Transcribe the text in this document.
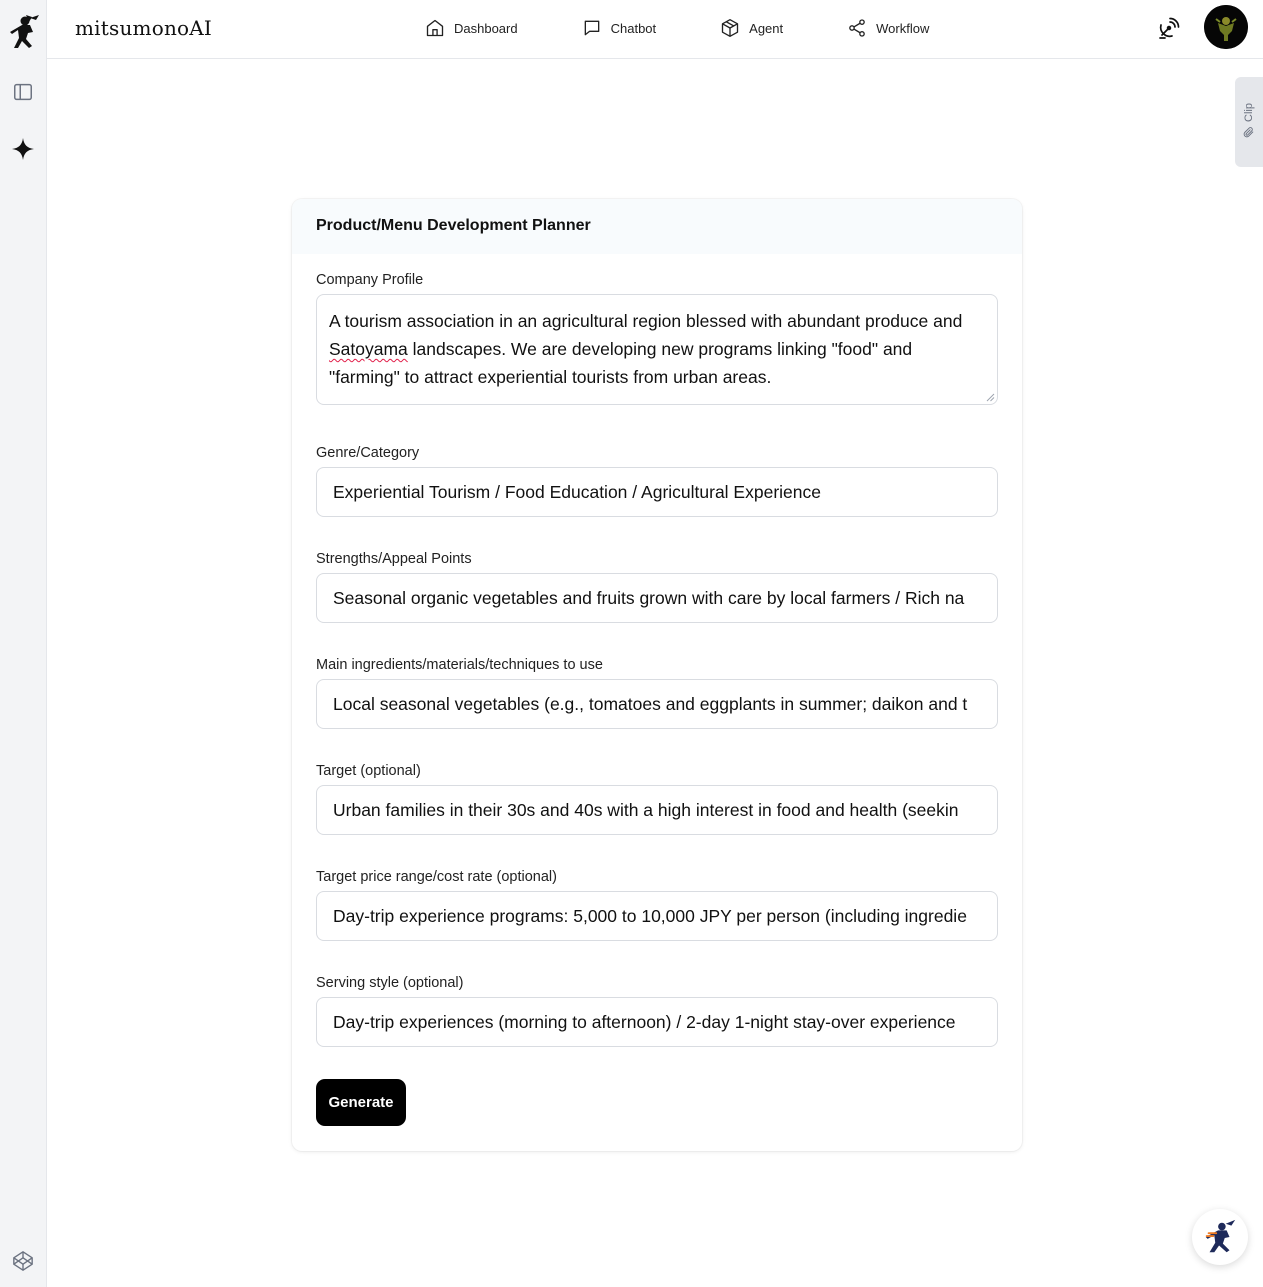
mitsumonoAI	Dashboard	Chatbot	Agent	Workflow
Clip
Product/Menu Development Planner
Company Profile
A tourism association in an agricultural region blessed with abundant produce and
Satoyama landscapes. We are developing new programs linking "food" and
"farming" to attract experiential tourists from urban areas.
Genre/Category
Experiential Tourism / Food Education / Agricultural Experience
Strengths/Appeal Points
Seasonal organic vegetables and fruits grown with care by local farmers / Rich na
Main ingredients/materials/techniques to use
Local seasonal vegetables (e.g., tomatoes and eggplants in summer; daikon and t
Target (optional)
Urban families in their 30s and 40s with a high interest in food and health (seekin
Target price range/cost rate (optional)
Day-trip experience programs: 5,000 to 10,000 JPY per person (including ingredie
Serving style (optional)
Day-trip experiences (morning to afternoon) / 2-day 1-night stay-over experience
Generate
